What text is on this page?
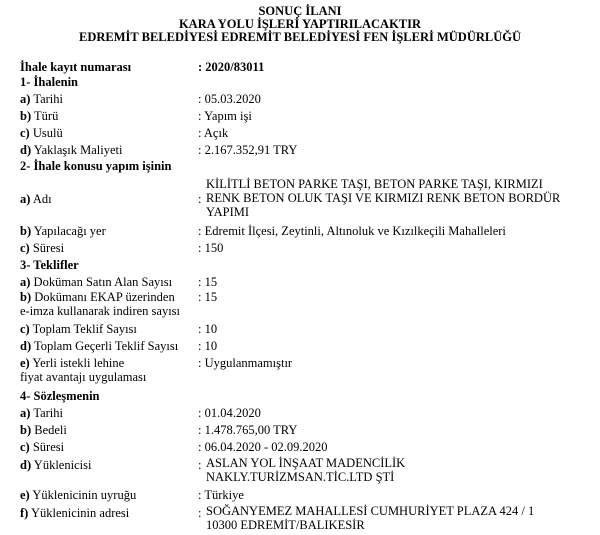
SONUÇ İLANI
KARA YOLU İŞLERİ YAPTIRILACAKTIR
EDREMİT BELEDİYESİ EDREMİT BELEDİYESİ FEN İŞLERİ MÜDÜRLÜĞÜ
İhale kayıt numarası	: 2020/83011
1- İhalenin
a) Tarihi	: 05.03.2020
b) Türü	: Yapım işi
c) Usulü	: Açık
d) Yaklaşık Maliyeti	: 2.167.352,91 TRY
2- İhale konusu yapım işinin
a) Adı	:
KİLİTLİ BETON PARKE TAŞI, BETON PARKE TAŞI, KIRMIZI
RENK BETON OLUK TAŞI VE KIRMIZI RENK BETON BORDÜR
YAPIMI
b) Yapılacağı yer	: Edremit İlçesi, Zeytinli, Altınoluk ve Kızılkeçili Mahalleleri
c) Süresi	: 150
3- Teklifler
a) Doküman Satın Alan Sayısı : 15
b) Dokümanı EKAP üzerinden
e-imza kullanarak indiren sayısı
: 15
c) Toplam Teklif Sayısı	: 10
d) Toplam Geçerli Teklif Sayısı : 10
e) Yerli istekli lehine
fiyat avantajı uygulaması
: Uygulanmamıştır
4- Sözleşmenin
a) Tarihi	: 01.04.2020
b) Bedeli	: 1.478.765,00 TRY
c) Süresi	: 06.04.2020 - 02.09.2020
d) Yüklenicisi	: ASLAN YOL İNŞAAT MADENCİLİK
NAKLY.TURİZMSAN.TİC.LTD ŞTİ
e) Yüklenicinin uyruğu	: Türkiye
f) Yüklenicinin adresi	: SOĞANYEMEZ MAHALLESİ CUMHURİYET PLAZA 424 / 1
10300 EDREMİT/BALIKESİR
